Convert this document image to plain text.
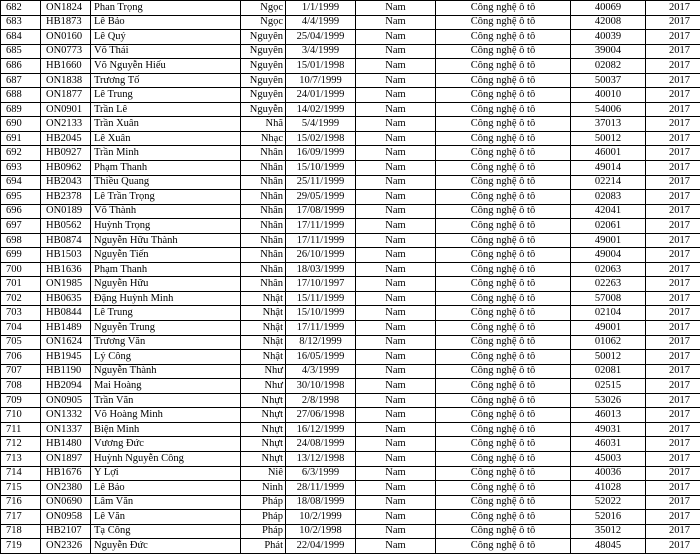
682	ON1824	Phan Trọng	Ngọc	1/1/1999	Nam	Công nghệ ô tô	40069	2017
683	HB1873	Lê Bảo	Ngọc	4/4/1999	Nam	Công nghệ ô tô	42008	2017
684	ON0160	Lê Quý	Nguyên	25/04/1999	Nam	Công nghệ ô tô	40039	2017
685	ON0773	Võ Thái	Nguyên	3/4/1999	Nam	Công nghệ ô tô	39004	2017
686	HB1660	Võ Nguyễn Hiếu	Nguyên	15/01/1998	Nam	Công nghệ ô tô	02082	2017
687	ON1838	Trương Tố	Nguyên	10/7/1999	Nam	Công nghệ ô tô	50037	2017
688	ON1877	Lê Trung	Nguyên	24/01/1999	Nam	Công nghệ ô tô	40010	2017
689	ON0901	Trần Lê	Nguyễn	14/02/1999	Nam	Công nghệ ô tô	54006	2017
690	ON2133	Trần Xuân	Nhã	5/4/1999	Nam	Công nghệ ô tô	37013	2017
691	HB2045	Lê Xuân	Nhạc	15/02/1998	Nam	Công nghệ ô tô	50012	2017
692	HB0927	Trần Minh	Nhân	16/09/1999	Nam	Công nghệ ô tô	46001	2017
693	HB0962	Phạm Thanh	Nhân	15/10/1999	Nam	Công nghệ ô tô	49014	2017
694	HB2043	Thiều Quang	Nhân	25/11/1999	Nam	Công nghệ ô tô	02214	2017
695	HB2378	Lê Trần Trọng	Nhân	29/05/1999	Nam	Công nghệ ô tô	02083	2017
696	ON0189	Võ Thành	Nhân	17/08/1999	Nam	Công nghệ ô tô	42041	2017
697	HB0562	Huỳnh Trọng	Nhân	17/11/1999	Nam	Công nghệ ô tô	02061	2017
698	HB0874	Nguyễn Hữu Thành	Nhân	17/11/1999	Nam	Công nghệ ô tô	49001	2017
699	HB1503	Nguyễn Tiến	Nhân	26/10/1999	Nam	Công nghệ ô tô	49004	2017
700	HB1636	Phạm Thanh	Nhân	18/03/1999	Nam	Công nghệ ô tô	02063	2017
701	ON1985	Nguyễn Hữu	Nhân	17/10/1997	Nam	Công nghệ ô tô	02263	2017
702	HB0635	Đặng Huỳnh Minh	Nhật	15/11/1999	Nam	Công nghệ ô tô	57008	2017
703	HB0844	Lê Trung	Nhật	15/10/1999	Nam	Công nghệ ô tô	02104	2017
704	HB1489	Nguyễn Trung	Nhật	17/11/1999	Nam	Công nghệ ô tô	49001	2017
705	ON1624	Trương Văn	Nhật	8/12/1999	Nam	Công nghệ ô tô	01062	2017
706	HB1945	Lý Công	Nhật	16/05/1999	Nam	Công nghệ ô tô	50012	2017
707	HB1190	Nguyễn Thành	Như	4/3/1999	Nam	Công nghệ ô tô	02081	2017
708	HB2094	Mai Hoàng	Như	30/10/1998	Nam	Công nghệ ô tô	02515	2017
709	ON0905	Trần Văn	Nhựt	2/8/1998	Nam	Công nghệ ô tô	53026	2017
710	ON1332	Võ Hoàng Minh	Nhựt	27/06/1998	Nam	Công nghệ ô tô	46013	2017
711	ON1337	Biện Minh	Nhựt	16/12/1999	Nam	Công nghệ ô tô	49031	2017
712	HB1480	Vương Đức	Nhựt	24/08/1999	Nam	Công nghệ ô tô	46031	2017
713	ON1897	Huỳnh Nguyễn Công	Nhựt	13/12/1998	Nam	Công nghệ ô tô	45003	2017
714	HB1676	Y Lợi	Niê	6/3/1999	Nam	Công nghệ ô tô	40036	2017
715	ON2380	Lê Bảo	Ninh	28/11/1999	Nam	Công nghệ ô tô	41028	2017
716	ON0690	Lâm Văn	Pháp	18/08/1999	Nam	Công nghệ ô tô	52022	2017
717	ON0958	Lê Văn	Pháp	10/2/1999	Nam	Công nghệ ô tô	52016	2017
718	HB2107	Tạ Công	Pháp	10/2/1998	Nam	Công nghệ ô tô	35012	2017
719	ON2326	Nguyễn Đức	Phát	22/04/1999	Nam	Công nghệ ô tô	48045	2017
